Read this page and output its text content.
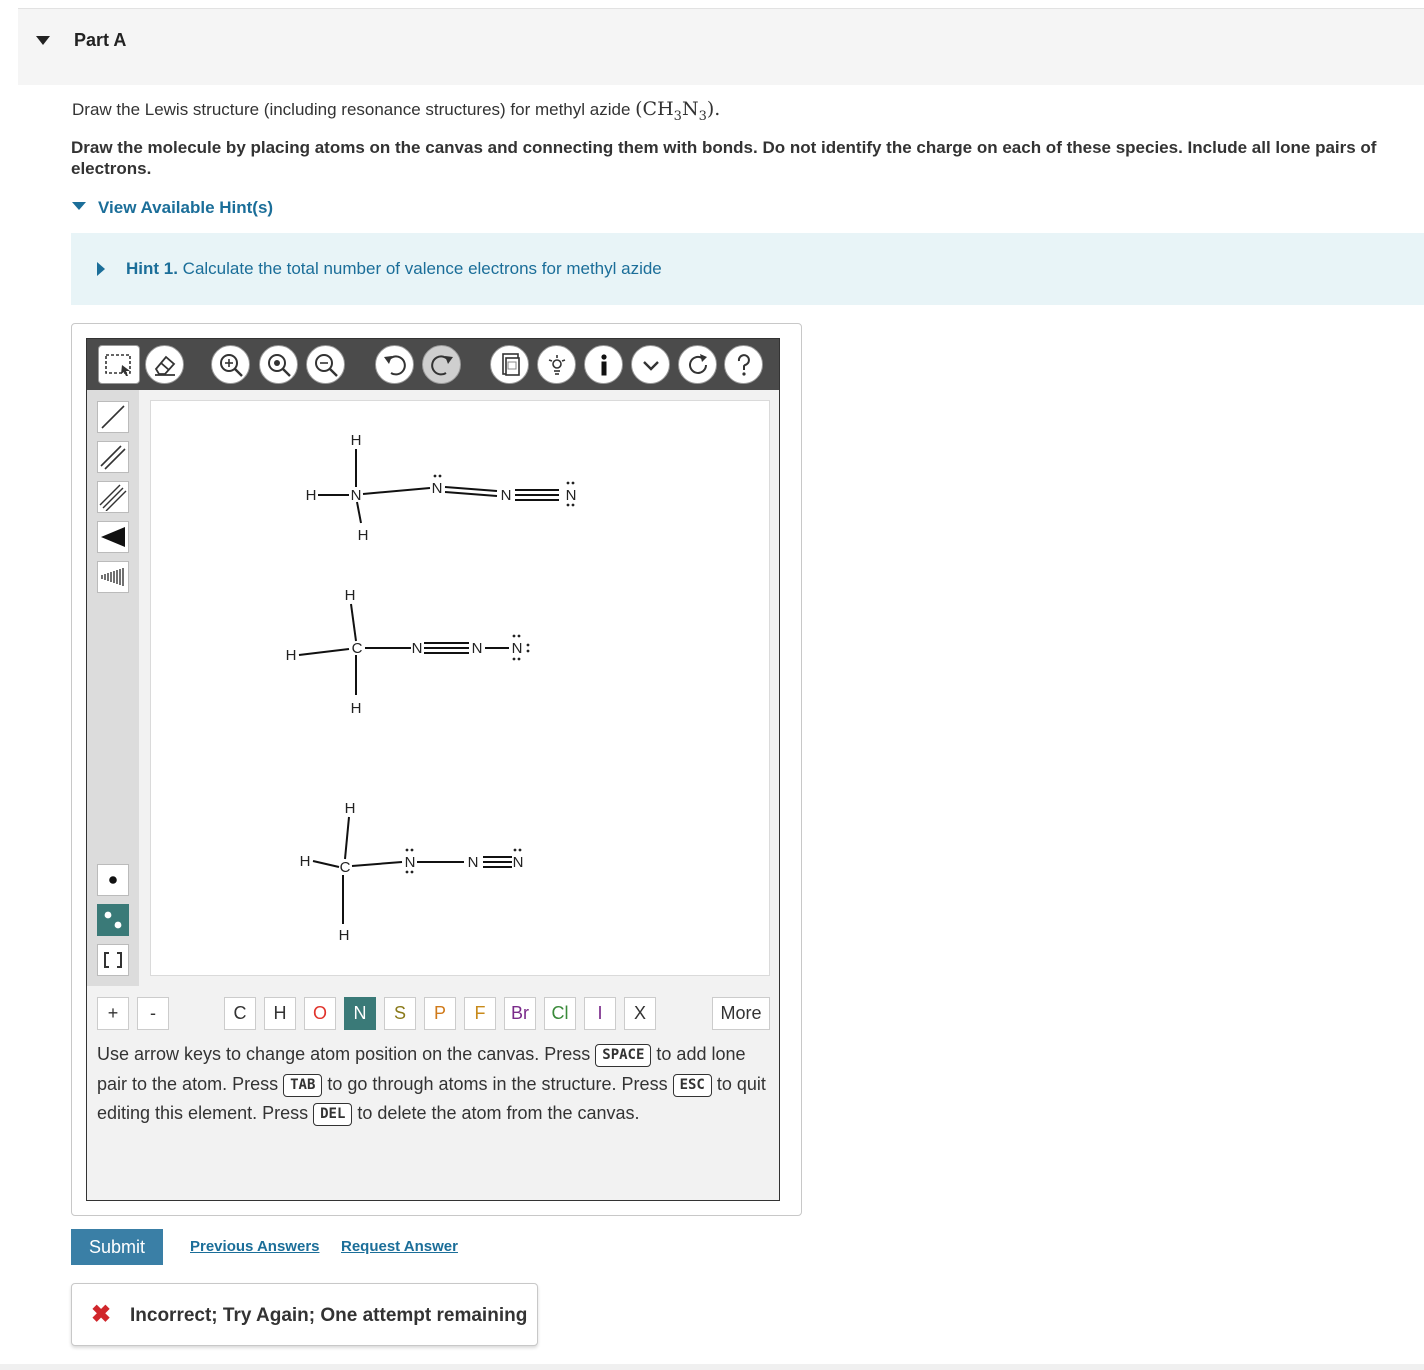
Part A
Draw the Lewis structure (including resonance structures) for methyl azide $(CH_3N_3)$.
Draw the molecule by placing atoms on the canvas and connecting them with bonds. Do not identify the charge on each of these species. Include all lone pairs of electrons.
View Available Hint(s)
Hint 1. Calculate the total number of valence electrons for methyl azide
H
H N
H
N	N	N
H
H	C
H
N	N N
H
H C
H
N	N N
+	-	C	H	O	N	S	P	F	Br	Cl	I	X	More
Use arrow keys to change atom position on the canvas. Press SPACE to add lone pair to the atom. Press TAB to go through atoms in the structure. Press ESC to quit editing this element. Press DEL to delete the atom from the canvas.
Submit	Previous Answers Request Answer
✖ Incorrect; Try Again; One attempt remaining
